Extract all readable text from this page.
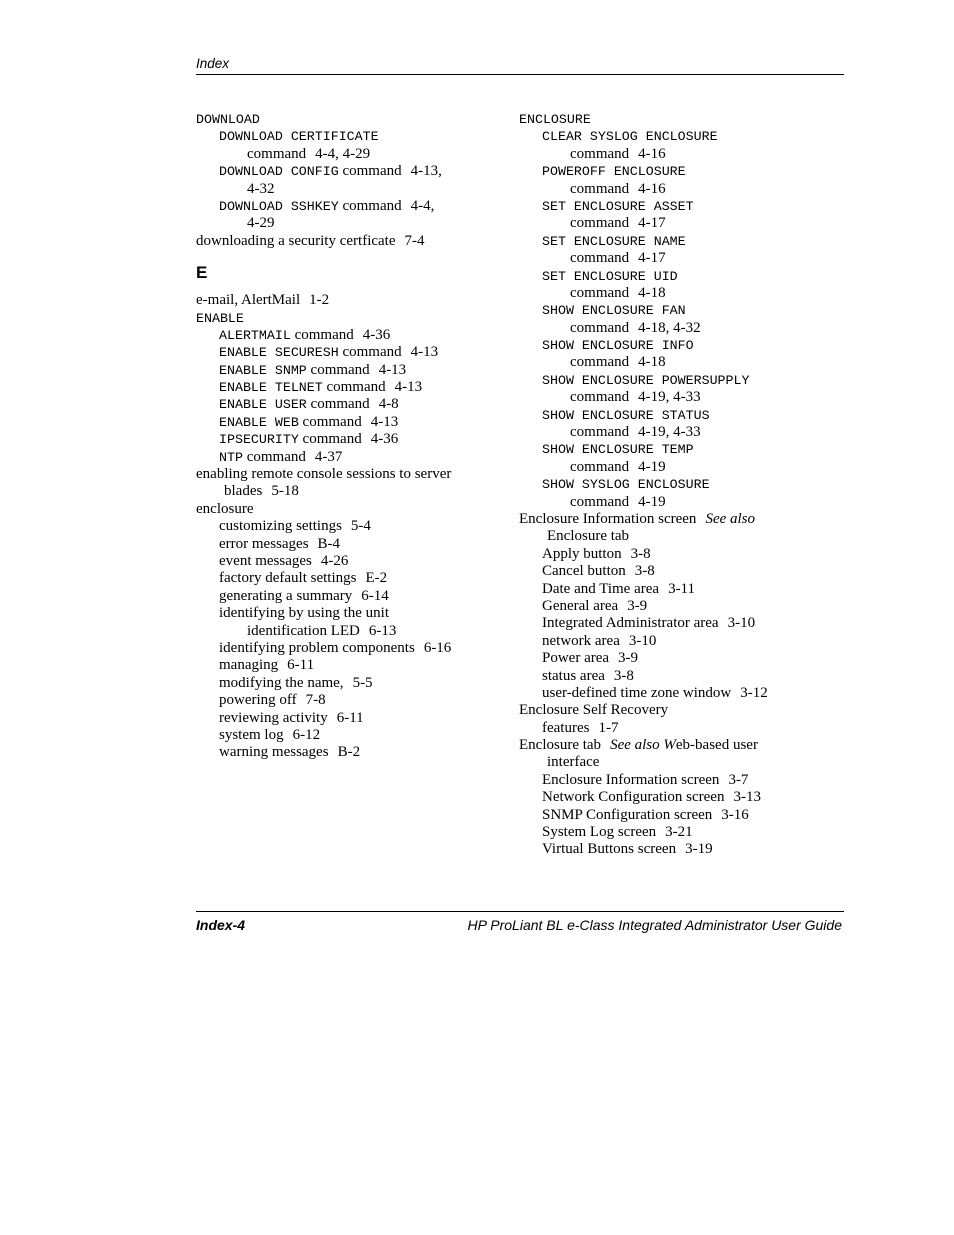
Index
DOWNLOAD
DOWNLOAD CERTIFICATE
command 4-4, 4-29
DOWNLOAD CONFIG command 4-13,
4-32
DOWNLOAD SSHKEY command 4-4,
4-29
downloading a security certficate 7-4
E
e-mail, AlertMail 1-2
ENABLE
ALERTMAIL command 4-36
ENABLE SECURESH command 4-13
ENABLE SNMP command 4-13
ENABLE TELNET command 4-13
ENABLE USER command 4-8
ENABLE WEB command 4-13
IPSECURITY command 4-36
NTP command 4-37
enabling remote console sessions to server
blades 5-18
enclosure
customizing settings 5-4
error messages B-4
event messages 4-26
factory default settings E-2
generating a summary 6-14
identifying by using the unit
identification LED 6-13
identifying problem components 6-16
managing 6-11
modifying the name, 5-5
powering off 7-8
reviewing activity 6-11
system log 6-12
warning messages B-2
ENCLOSURE
CLEAR SYSLOG ENCLOSURE
command 4-16
POWEROFF ENCLOSURE
command 4-16
SET ENCLOSURE ASSET
command 4-17
SET ENCLOSURE NAME
command 4-17
SET ENCLOSURE UID
command 4-18
SHOW ENCLOSURE FAN
command 4-18, 4-32
SHOW ENCLOSURE INFO
command 4-18
SHOW ENCLOSURE POWERSUPPLY
command 4-19, 4-33
SHOW ENCLOSURE STATUS
command 4-19, 4-33
SHOW ENCLOSURE TEMP
command 4-19
SHOW SYSLOG ENCLOSURE
command 4-19
Enclosure Information screen See also
Enclosure tab
Apply button 3-8
Cancel button 3-8
Date and Time area 3-11
General area 3-9
Integrated Administrator area 3-10
network area 3-10
Power area 3-9
status area 3-8
user-defined time zone window 3-12
Enclosure Self Recovery
features 1-7
Enclosure tab See also Web-based user
interface
Enclosure Information screen 3-7
Network Configuration screen 3-13
SNMP Configuration screen 3-16
System Log screen 3-21
Virtual Buttons screen 3-19
Index-4	HP ProLiant BL e-Class Integrated Administrator User Guide
